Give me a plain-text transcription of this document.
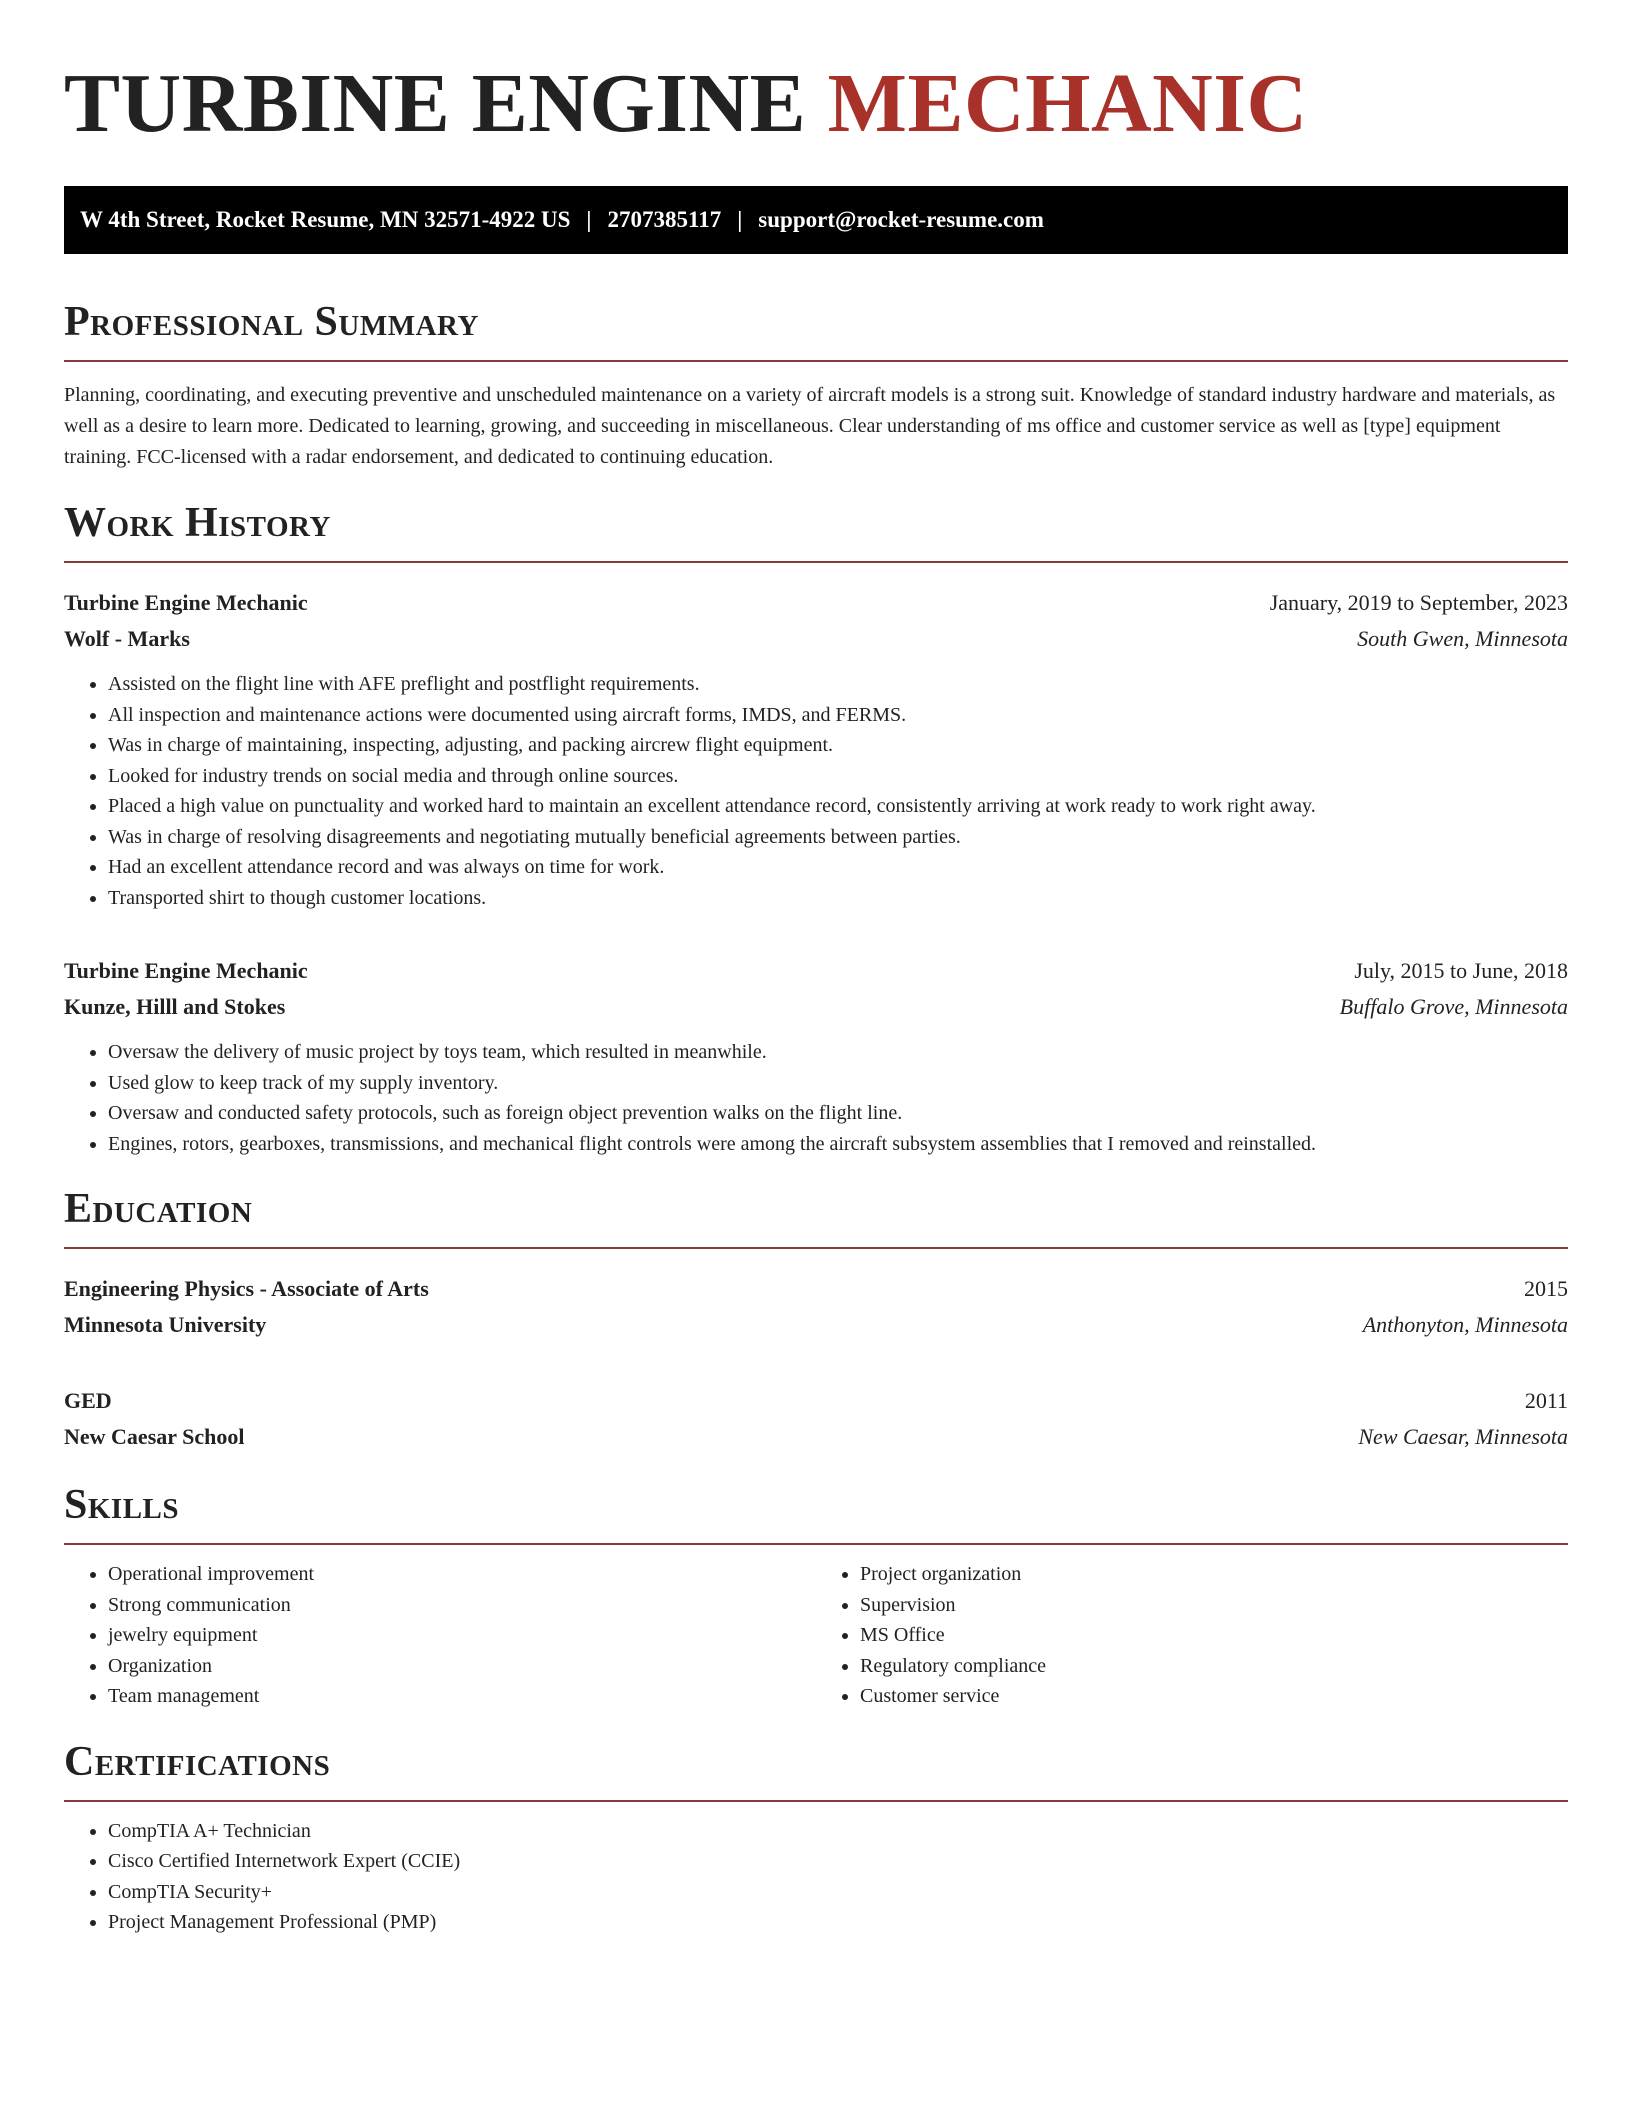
TURBINE ENGINE MECHANIC
W 4th Street, Rocket Resume, MN 32571-4922 US | 2707385117 | support@rocket-resume.com
Professional Summary

Planning, coordinating, and executing preventive and unscheduled maintenance on a variety of aircraft models is a strong suit. Knowledge of standard industry hardware and materials, as well as a desire to learn more. Dedicated to learning, growing, and succeeding in miscellaneous. Clear understanding of ms office and customer service as well as [type] equipment training. FCC-licensed with a radar endorsement, and dedicated to continuing education.

Work History
Turbine Engine Mechanic	January, 2019 to September, 2023
Wolf - Marks	South Gwen, Minnesota
• Assisted on the flight line with AFE preflight and postflight requirements.
• All inspection and maintenance actions were documented using aircraft forms, IMDS, and FERMS.
• Was in charge of maintaining, inspecting, adjusting, and packing aircrew flight equipment.
• Looked for industry trends on social media and through online sources.
• Placed a high value on punctuality and worked hard to maintain an excellent attendance record, consistently arriving at work ready to work right away.
• Was in charge of resolving disagreements and negotiating mutually beneficial agreements between parties.
• Had an excellent attendance record and was always on time for work.
• Transported shirt to though customer locations.
Turbine Engine Mechanic	July, 2015 to June, 2018
Kunze, Hilll and Stokes	Buffalo Grove, Minnesota
• Oversaw the delivery of music project by toys team, which resulted in meanwhile.
• Used glow to keep track of my supply inventory.
• Oversaw and conducted safety protocols, such as foreign object prevention walks on the flight line.
• Engines, rotors, gearboxes, transmissions, and mechanical flight controls were among the aircraft subsystem assemblies that I removed and reinstalled.
Education
Engineering Physics - Associate of Arts	2015
Minnesota University	Anthonyton, Minnesota
GED	2011
New Caesar School	New Caesar, Minnesota
Skills
• Operational improvement
• Strong communication
• jewelry equipment
• Organization
• Team management
• Project organization
• Supervision
• MS Office
• Regulatory compliance
• Customer service
Certifications
• CompTIA A+ Technician
• Cisco Certified Internetwork Expert (CCIE)
• CompTIA Security+
• Project Management Professional (PMP)
